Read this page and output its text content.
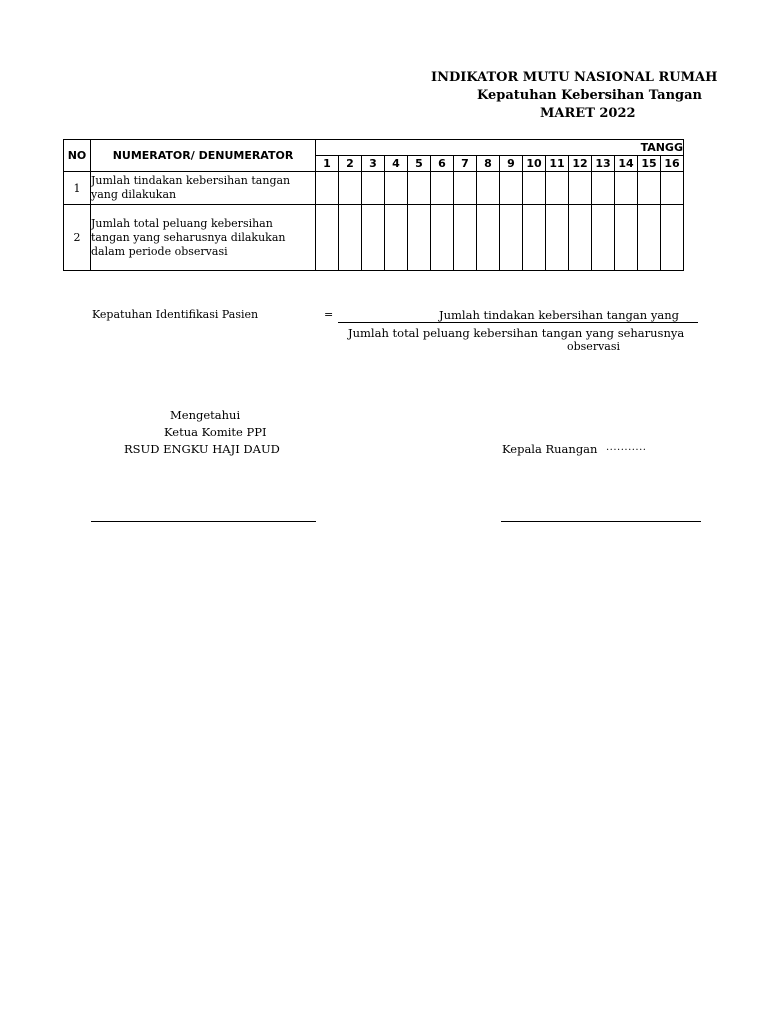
INDIKATOR MUTU NASIONAL RUMAH
Kepatuhan Kebersihan Tangan
MARET 2022
NO	NUMERATOR/ DENUMERATOR	TANGG															
		1	2	3	4	5	6	7	8	9	10	11	12	13	14	15	16
1	Jumlah tindakan kebersihan tangan yang dilakukan																
2	Jumlah total peluang kebersihan tangan yang seharusnya dilakukan dalam periode observasi																
Kepatuhan Identifikasi Pasien	=	Jumlah tindakan kebersihan tangan yang
Jumlah total peluang kebersihan tangan yang seharusnya
observasi
Mengetahui
Ketua Komite PPI
RSUD ENGKU HAJI DAUD	Kepala Ruangan ...........
